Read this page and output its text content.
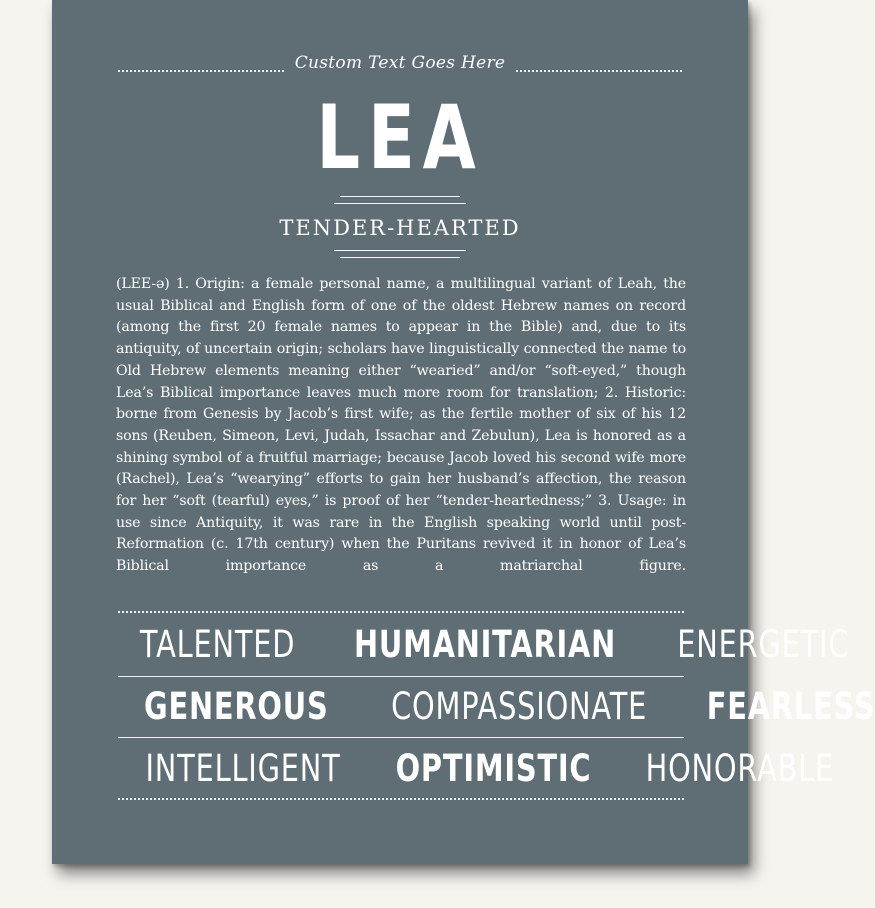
Custom Text Goes Here
LEA
TENDER-HEARTED
(LEE-ə) 1. Origin: a female personal name, a multilingual variant of Leah, the usual Biblical and English form of one of the oldest Hebrew names on record (among the first 20 female names to appear in the Bible) and, due to its antiquity, of uncertain origin; scholars have linguistically connected the name to Old Hebrew elements meaning either “wearied” and/or “soft-eyed,” though Lea’s Biblical importance leaves much more room for translation; 2. Historic: borne from Genesis by Jacob’s first wife; as the fertile mother of six of his 12 sons (Reuben, Simeon, Levi, Judah, Issachar and Zebulun), Lea is honored as a shining symbol of a fruitful marriage; because Jacob loved his second wife more (Rachel), Lea’s “wearying” efforts to gain her husband’s affection, the reason for her “soft (tearful) eyes,” is proof of her “tender-heartedness;” 3. Usage: in use since Antiquity, it was rare in the English speaking world until post-Reformation (c. 17th century) when the Puritans revived it in honor of Lea’s Biblical importance as a matriarchal figure.
TALENTED HUMANITARIAN ENERGETIC
GENEROUS COMPASSIONATE FEARLESS
INTELLIGENT OPTIMISTIC HONORABLE
